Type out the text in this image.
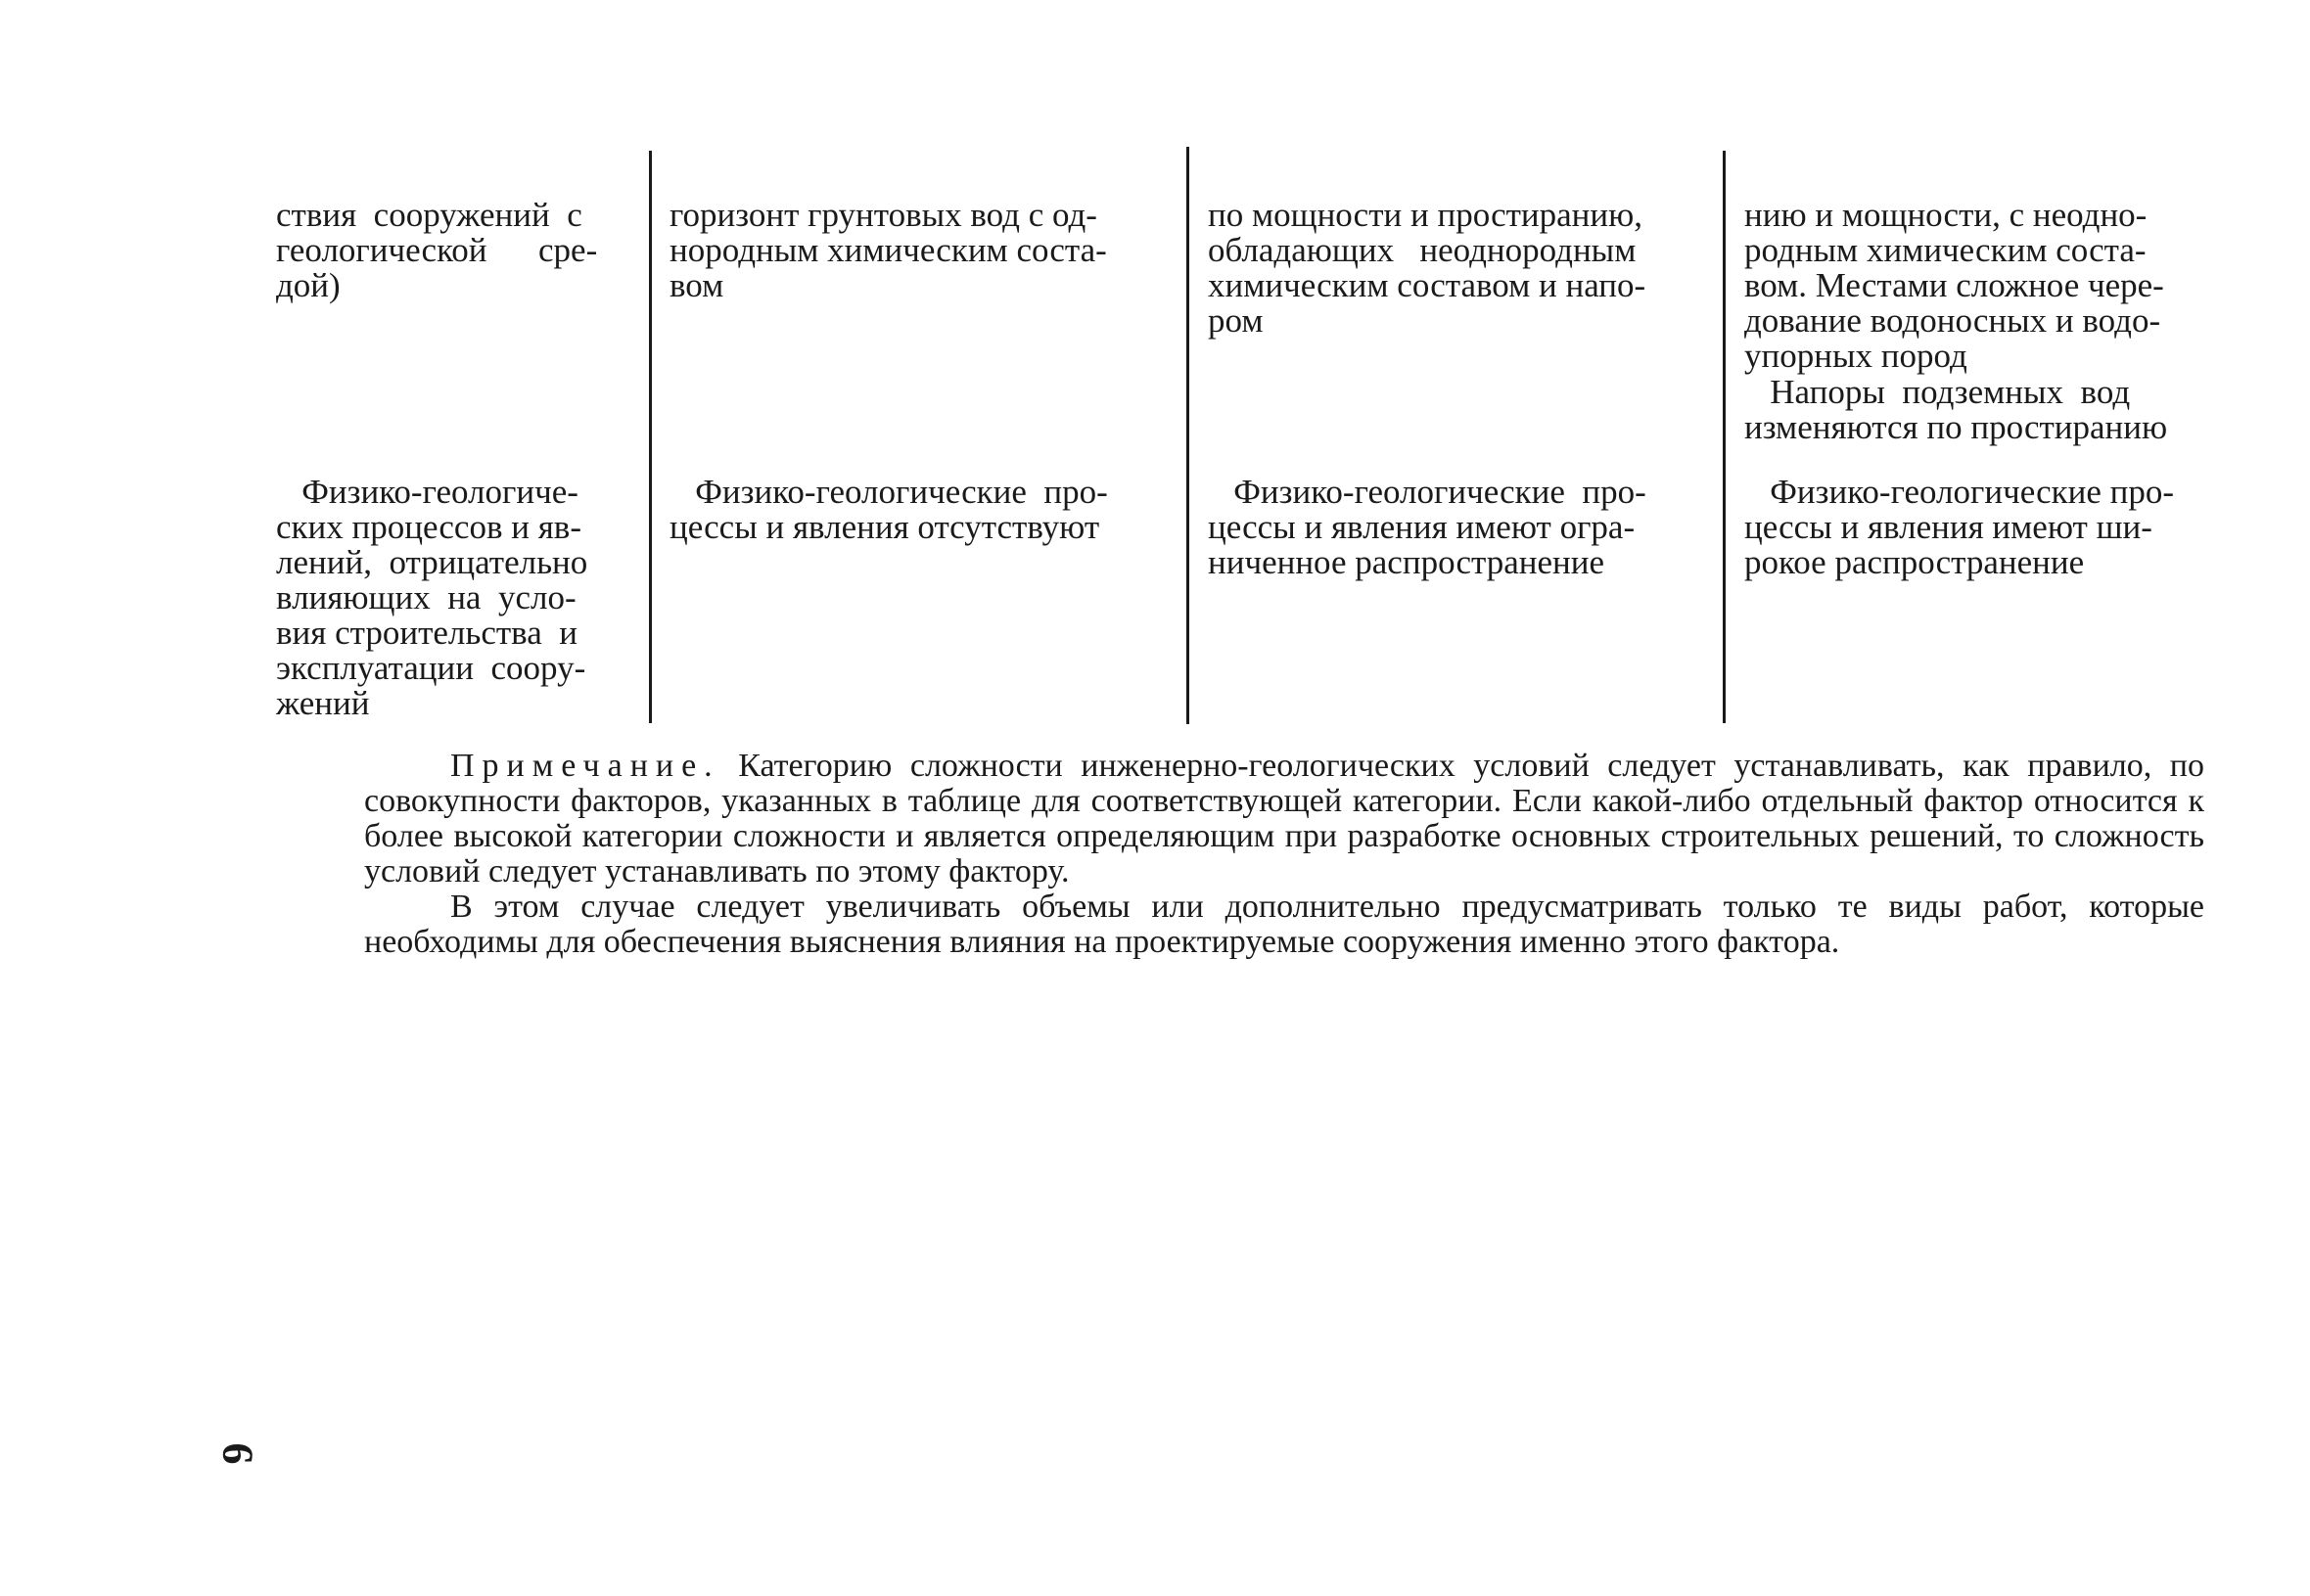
ствия  сооружений  с
геологической      сре-
дой)
горизонт грунтовых вод с од-
нородным химическим соста-
вом
по мощности и простиранию,
обладающих   неоднородным
химическим составом и напо-
ром
нию и мощности, с неодно-
родным химическим соста-
вом. Местами сложное чере-
дование водоносных и водо-
упорных пород
Напоры  подземных  вод
изменяются по простиранию
Физико-геологиче-
ских процессов и яв-
лений,  отрицательно
влияющих  на  усло-
вия строительства  и
эксплуатации  соору-
жений
Физико-геологические  про-
цессы и явления отсутствуют
Физико-геологические  про-
цессы и явления имеют огра-
ниченное распространение
Физико-геологические про-
цессы и явления имеют ши-
рокое распространение

Примечание. Категорию сложности инженерно-геологических условий следует устанавливать, как правило, по совокупности факторов, указанных в таблице для соответствующей категории. Если какой-либо отдельный фактор относится к более высокой категории сложности и является определяющим при разработке основных строительных решений, то сложность условий следует устанавливать по этому фактору.

В этом случае следует увеличивать объемы или дополнительно предусматривать только те виды работ, которые необходимы для обеспечения выяснения влияния на проектируемые сооружения именно этого фактора.

6
